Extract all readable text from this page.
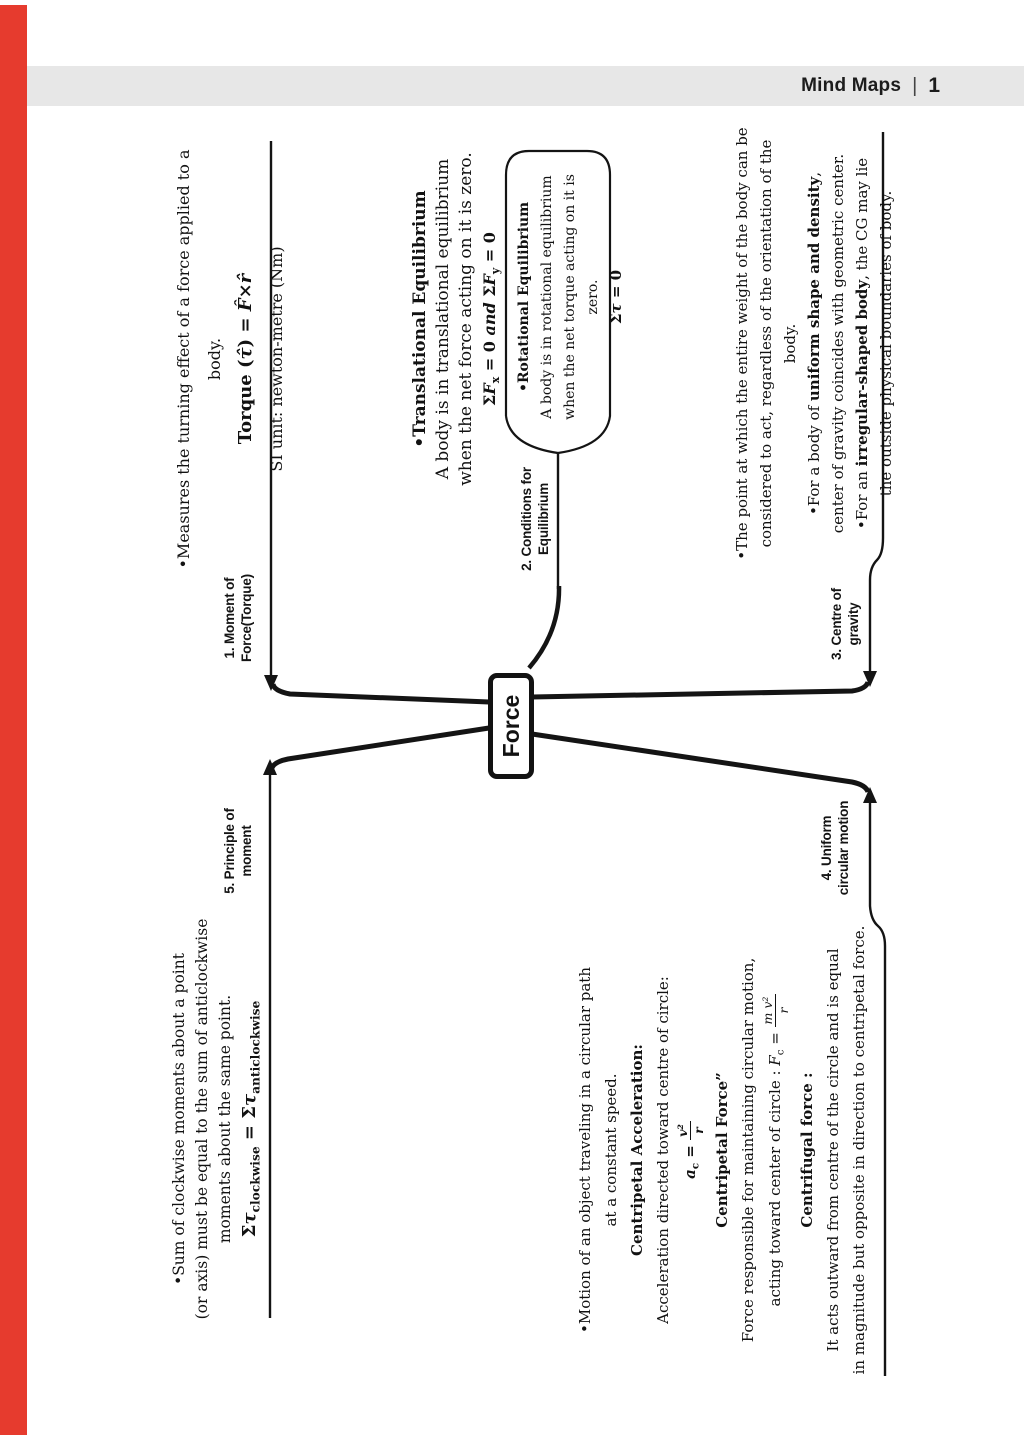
Mind Maps | 1
•Measures the turning effect of a force applied to a body.
Torque (τ̂) = F̂×r̂ SI unit: newton-metre (Nm)
1. Moment of Force(Torque)
•Translational Equilibrium A body is in translational equilibrium when the net force acting on it is zero. $\Sigma F_x = 0$ and $\Sigma F_y = 0$	•Rotational Equilibrium A body is in rotational equilibrium when the net torque acting on it is zero.
Στ = 0
2. Conditions for Equilibrium	•The point at which the entire weight of the body can be considered to act, regardless of the orientation of the body.
•For a body of uniform shape and density, center of gravity coincides with geometric center. •For an irregular-shaped body, the CG may lie the outside physical boundaries of body.
3. Centre of gravity
•Motion of an object traveling in a circular path at a constant speed. Centripetal Acceleration: Acceleration directed toward centre of circle: $a_c$ =
v² r Centripetal Force” Force responsible for maintaining circular motion, acting toward center of circle : $F_c$ =
m v² r
Centrifugal force : It acts outward from centre of the circle and is equal in magnitude but opposite in direction to centripetal force.
4. Uniform circular motion
•Sum of clockwise moments about a point (or axis) must be equal to the sum of anticlockwise moments about the same point. $\Sigma\tau_{clockwise} = \Sigma\tau_{anticlockwise}$
5. Principle of moment
Force
